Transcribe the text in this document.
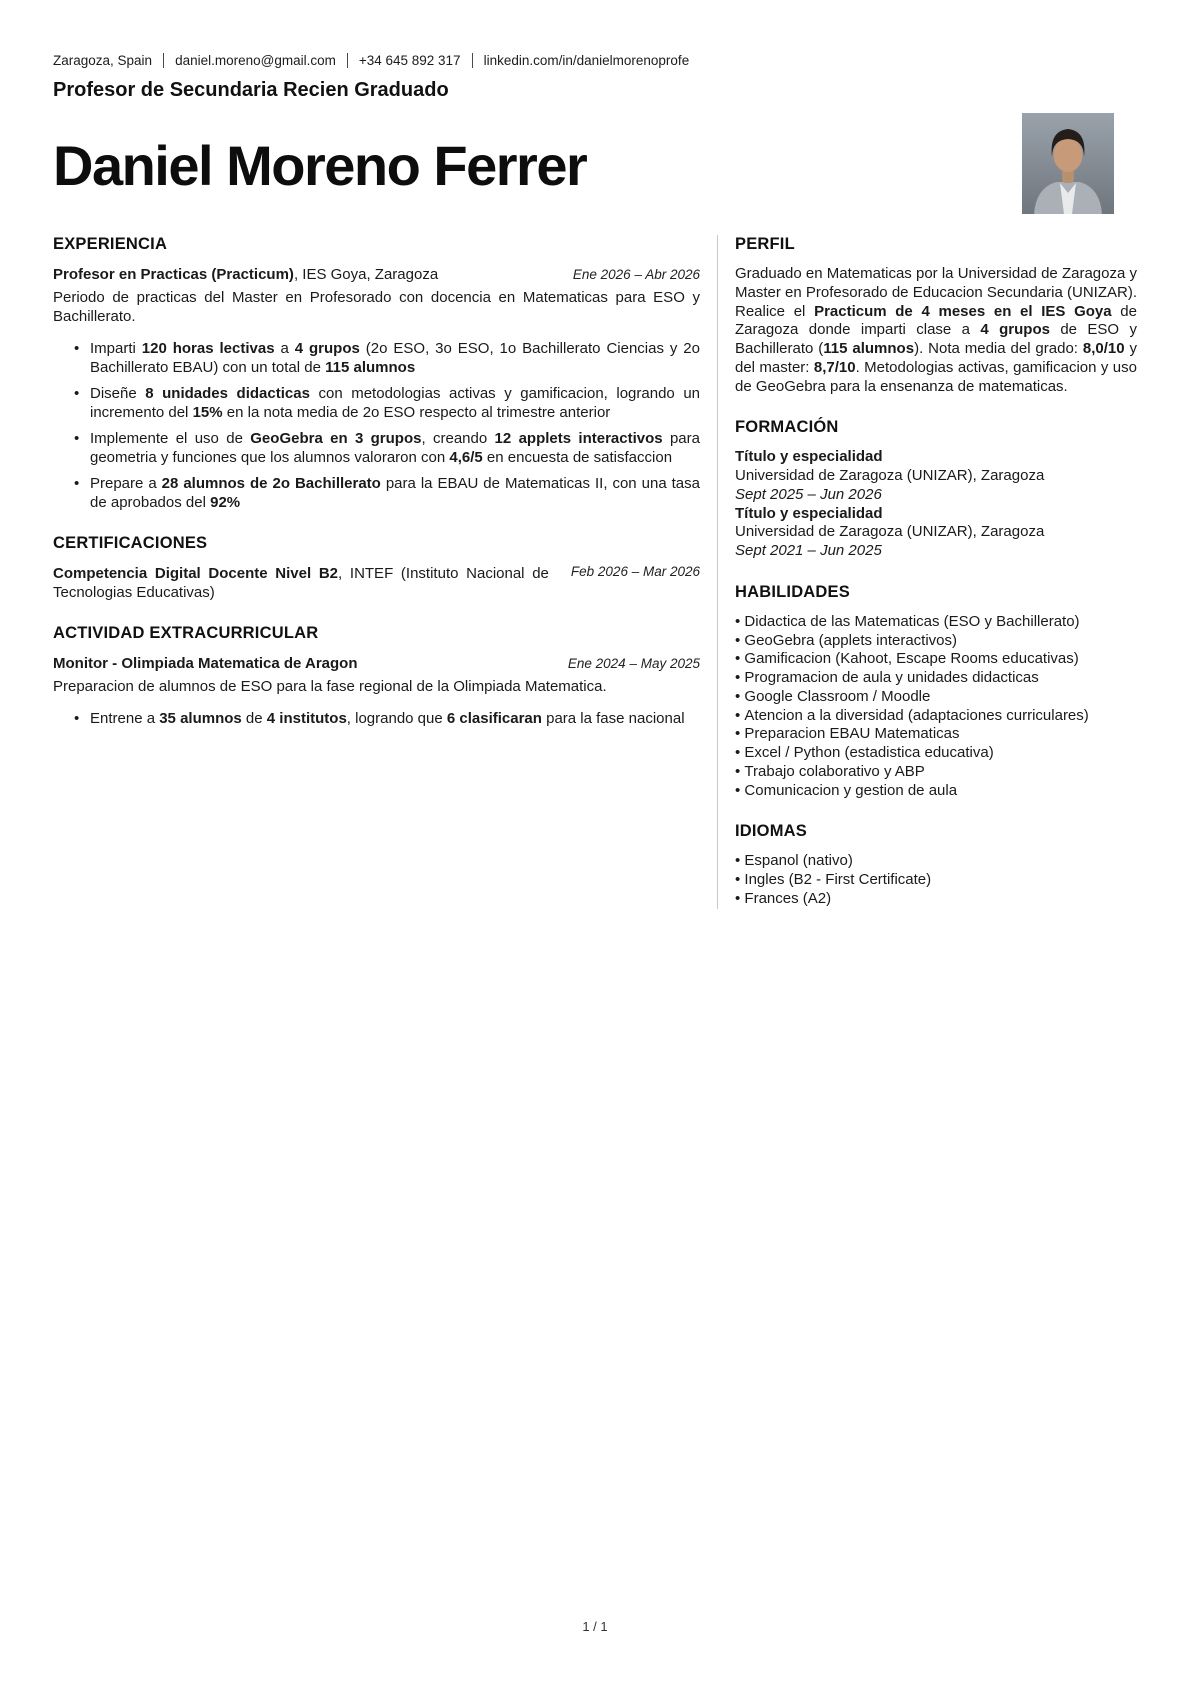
Zaragoza, Spain daniel.moreno@gmail.com +34 645 892 317 linkedin.com/in/danielmorenoprofe
Profesor de Secundaria Recien Graduado
Daniel Moreno Ferrer
EXPERIENCIA
Profesor en Practicas (Practicum), IES Goya, Zaragoza	Ene 2026 – Abr 2026

Periodo de practicas del Master en Profesorado con docencia en Matematicas para ESO y Bachillerato.

• Imparti 120 horas lectivas a 4 grupos (2o ESO, 3o ESO, 1o Bachillerato Ciencias y 2o Bachillerato EBAU) con un total de 115 alumnos
• Diseñe 8 unidades didacticas con metodologias activas y gamificacion, logrando un incremento del 15% en la nota media de 2o ESO respecto al trimestre anterior
• Implemente el uso de GeoGebra en 3 grupos, creando 12 applets interactivos para geometria y funciones que los alumnos valoraron con 4,6/5 en encuesta de satisfaccion
• Prepare a 28 alumnos de 2o Bachillerato para la EBAU de Matematicas II, con una tasa de aprobados del 92%
CERTIFICACIONES
Competencia Digital Docente Nivel B2, INTEF (Instituto Nacional de Tecnologias Educativas)
Feb 2026 – Mar 2026
ACTIVIDAD EXTRACURRICULAR
Monitor - Olimpiada Matematica de Aragon	Ene 2024 – May 2025

Preparacion de alumnos de ESO para la fase regional de la Olimpiada Matematica.

• Entrene a 35 alumnos de 4 institutos, logrando que 6 clasificaran para la fase nacional
PERFIL
Graduado en Matematicas por la Universidad de Zaragoza y Master en Profesorado de Educacion Secundaria (UNIZAR). Realice el Practicum de 4 meses en el IES Goya de Zaragoza donde imparti clase a 4 grupos de ESO y Bachillerato (115 alumnos). Nota media del grado: 8,0/10 y del master: 8,7/10. Metodologias activas, gamificacion y uso de GeoGebra para la ensenanza de matematicas.
FORMACIÓN
Título y especialidad
Universidad de Zaragoza (UNIZAR), Zaragoza
Sept 2025 – Jun 2026
Título y especialidad
Universidad de Zaragoza (UNIZAR), Zaragoza
Sept 2021 – Jun 2025
HABILIDADES
• Didactica de las Matematicas (ESO y Bachillerato)
• GeoGebra (applets interactivos)
• Gamificacion (Kahoot, Escape Rooms educativas)
• Programacion de aula y unidades didacticas
• Google Classroom / Moodle
• Atencion a la diversidad (adaptaciones curriculares)
• Preparacion EBAU Matematicas
• Excel / Python (estadistica educativa)
• Trabajo colaborativo y ABP
• Comunicacion y gestion de aula
IDIOMAS
• Espanol (nativo)
• Ingles (B2 - First Certificate)
• Frances (A2)
1 / 1
